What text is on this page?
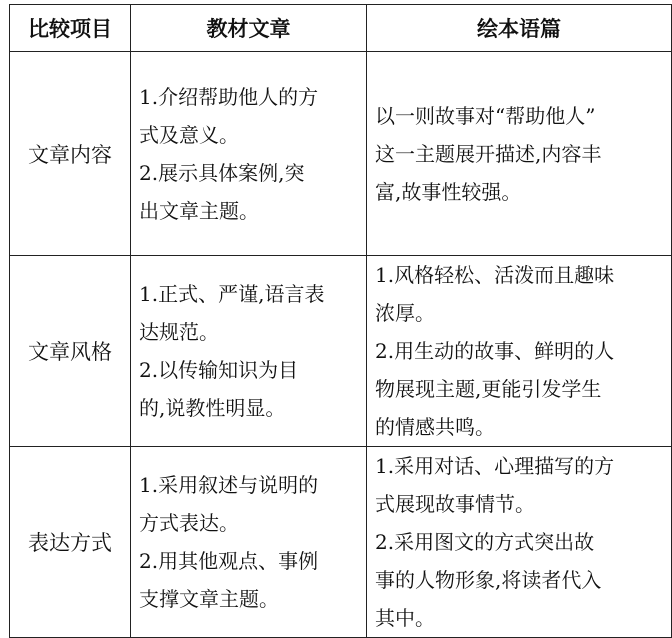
比较项目	教材文章	绘本语篇
文章内容	1.介绍帮助他人的方
式及意义。
2.展示具体案例,突
出文章主题。	以一则故事对“帮助他人”
这一主题展开描述,内容丰
富,故事性较强。

文章风格	1.正式、严谨,语言表
达规范。
2.以传输知识为目
的,说教性明显。	1.风格轻松、活泼而且趣味
浓厚。
2.用生动的故事、鲜明的人
物展现主题,更能引发学生
的情感共鸣。

表达方式	1.采用叙述与说明的
方式表达。
2.用其他观点、事例
支撑文章主题。	1.采用对话、心理描写的方
式展现故事情节。
2.采用图文的方式突出故
事的人物形象,将读者代入
其中。
